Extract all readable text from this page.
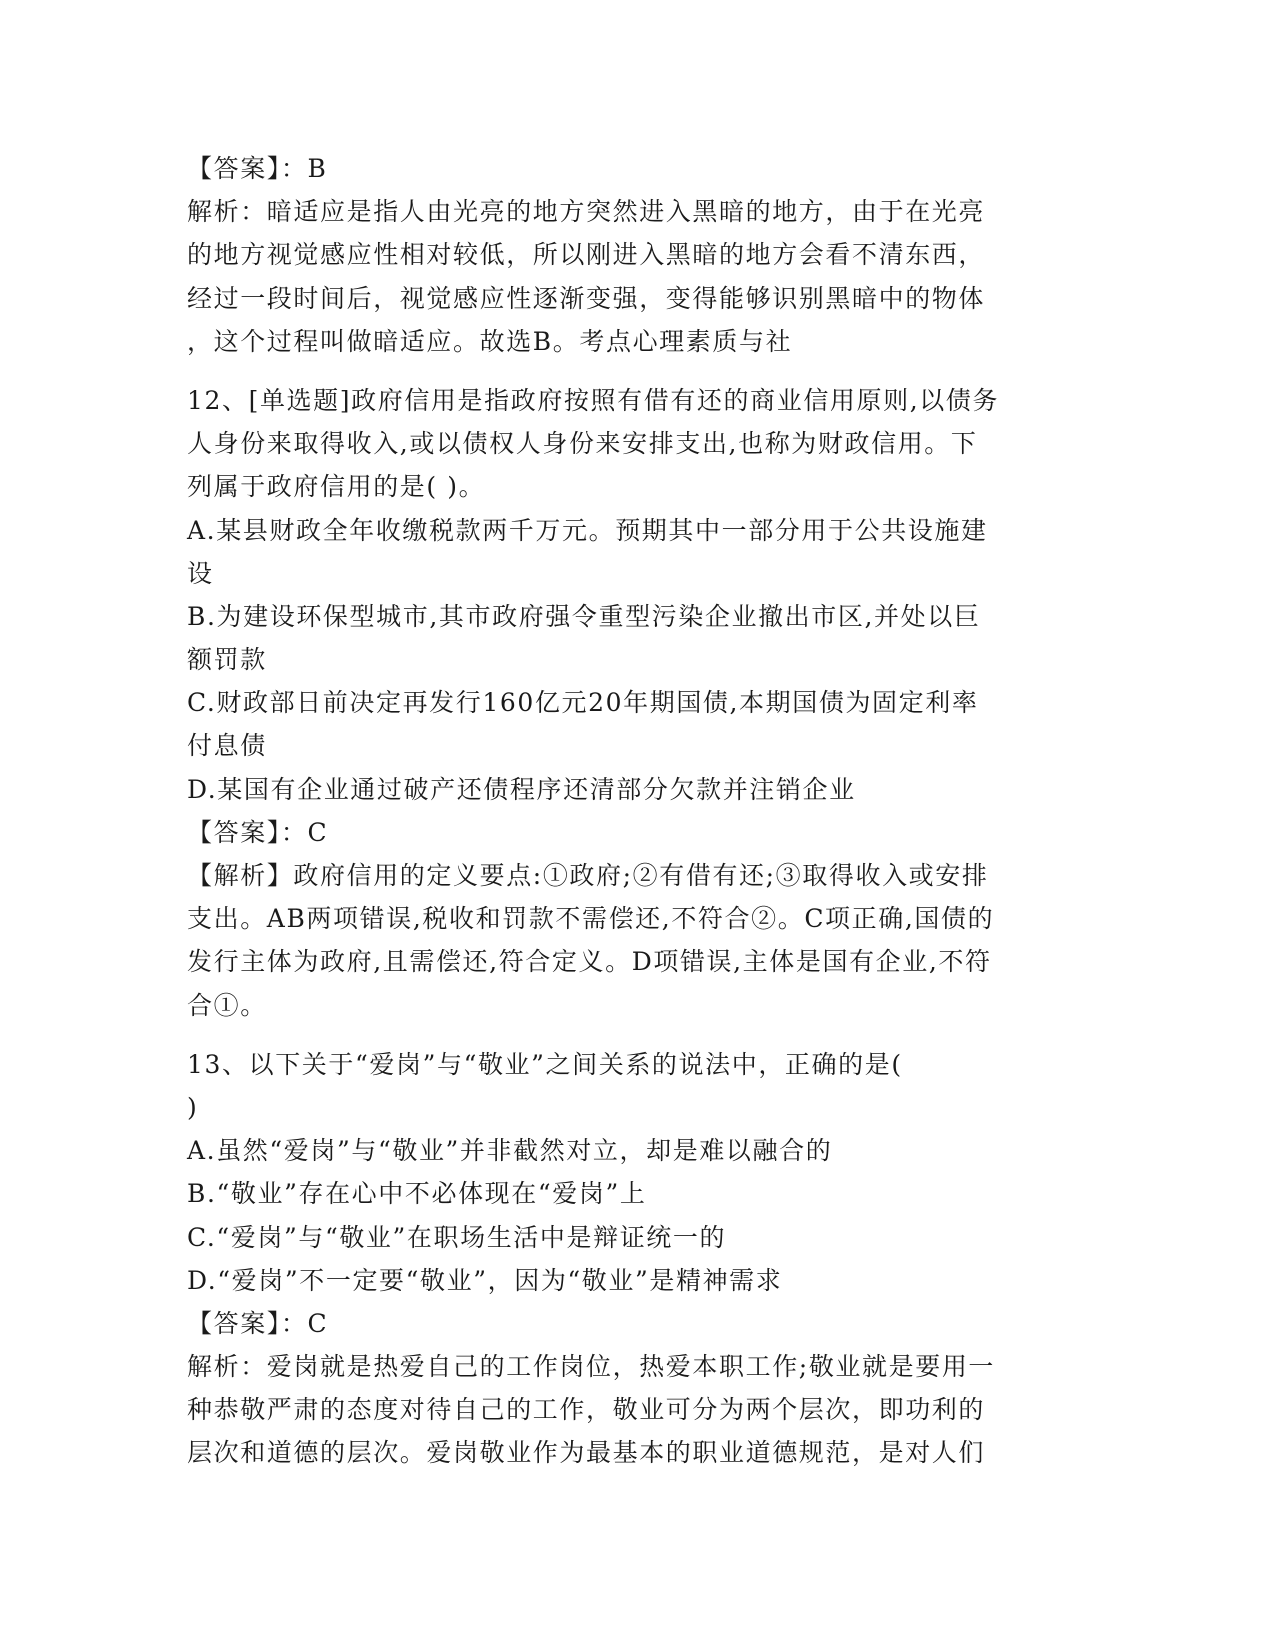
【答案】：B
解析：暗适应是指人由光亮的地方突然进入黑暗的地方，由于在光亮
的地方视觉感应性相对较低，所以刚进入黑暗的地方会看不清东西，
经过一段时间后，视觉感应性逐渐变强，变得能够识别黑暗中的物体
，这个过程叫做暗适应。故选B。考点心理素质与社
12、[单选题]政府信用是指政府按照有借有还的商业信用原则,以债务
人身份来取得收入,或以债权人身份来安排支出,也称为财政信用。下
列属于政府信用的是( )。
A.某县财政全年收缴税款两千万元。预期其中一部分用于公共设施建
设
B.为建设环保型城市,其市政府强令重型污染企业撤出市区,并处以巨
额罚款
C.财政部日前决定再发行160亿元20年期国债,本期国债为固定利率
付息债
D.某国有企业通过破产还债程序还清部分欠款并注销企业
【答案】：C
【解析】政府信用的定义要点:①政府;②有借有还;③取得收入或安排
支出。AB两项错误,税收和罚款不需偿还,不符合②。C项正确,国债的
发行主体为政府,且需偿还,符合定义。D项错误,主体是国有企业,不符
合①。
13、以下关于“爱岗”与“敬业”之间关系的说法中，正确的是(
)
A.虽然“爱岗”与“敬业”并非截然对立，却是难以融合的
B.“敬业”存在心中不必体现在“爱岗”上
C.“爱岗”与“敬业”在职场生活中是辩证统一的
D.“爱岗”不一定要“敬业”，因为“敬业”是精神需求
【答案】：C
解析：爱岗就是热爱自己的工作岗位，热爱本职工作;敬业就是要用一
种恭敬严肃的态度对待自己的工作，敬业可分为两个层次，即功利的
层次和道德的层次。爱岗敬业作为最基本的职业道德规范，是对人们
